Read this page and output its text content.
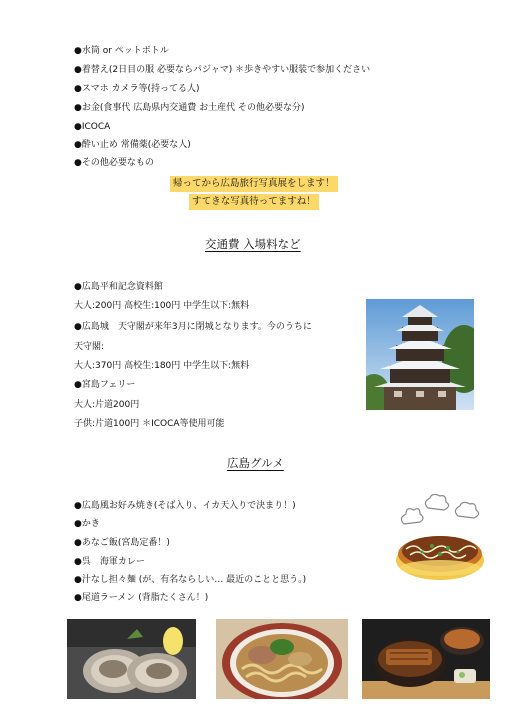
●水筒 or ペットボトル
●着替え(2日目の服 必要ならパジャマ) ＊歩きやすい服装で参加ください
●スマホ カメラ等(持ってる人)
●お金(食事代 広島県内交通費 お土産代 その他必要な分)
●ICOCA
●酔い止め 常備薬(必要な人)
●その他必要なもの
帰ってから広島旅行写真展をします！
すてきな写真待ってますね！
交通費 入場料など
●広島平和記念資料館
大人:200円 高校生:100円 中学生以下:無料
●広島城　天守閣が来年3月に閉城となります。今のうちに
天守閣:
大人:370円 高校生:180円 中学生以下:無料
●宮島フェリー
大人:片道200円
子供:片道100円 ＊ICOCA等使用可能
広島グルメ
●広島風お好み焼き(そば入り、イカ天入りで決まり！)
●かき
●あなご飯(宮島定番！)
●呉　海軍カレー
●汁なし担々麺 (が、有名ならしい… 最近のことと思う。)
●尾道ラーメン (背脂たくさん！)
